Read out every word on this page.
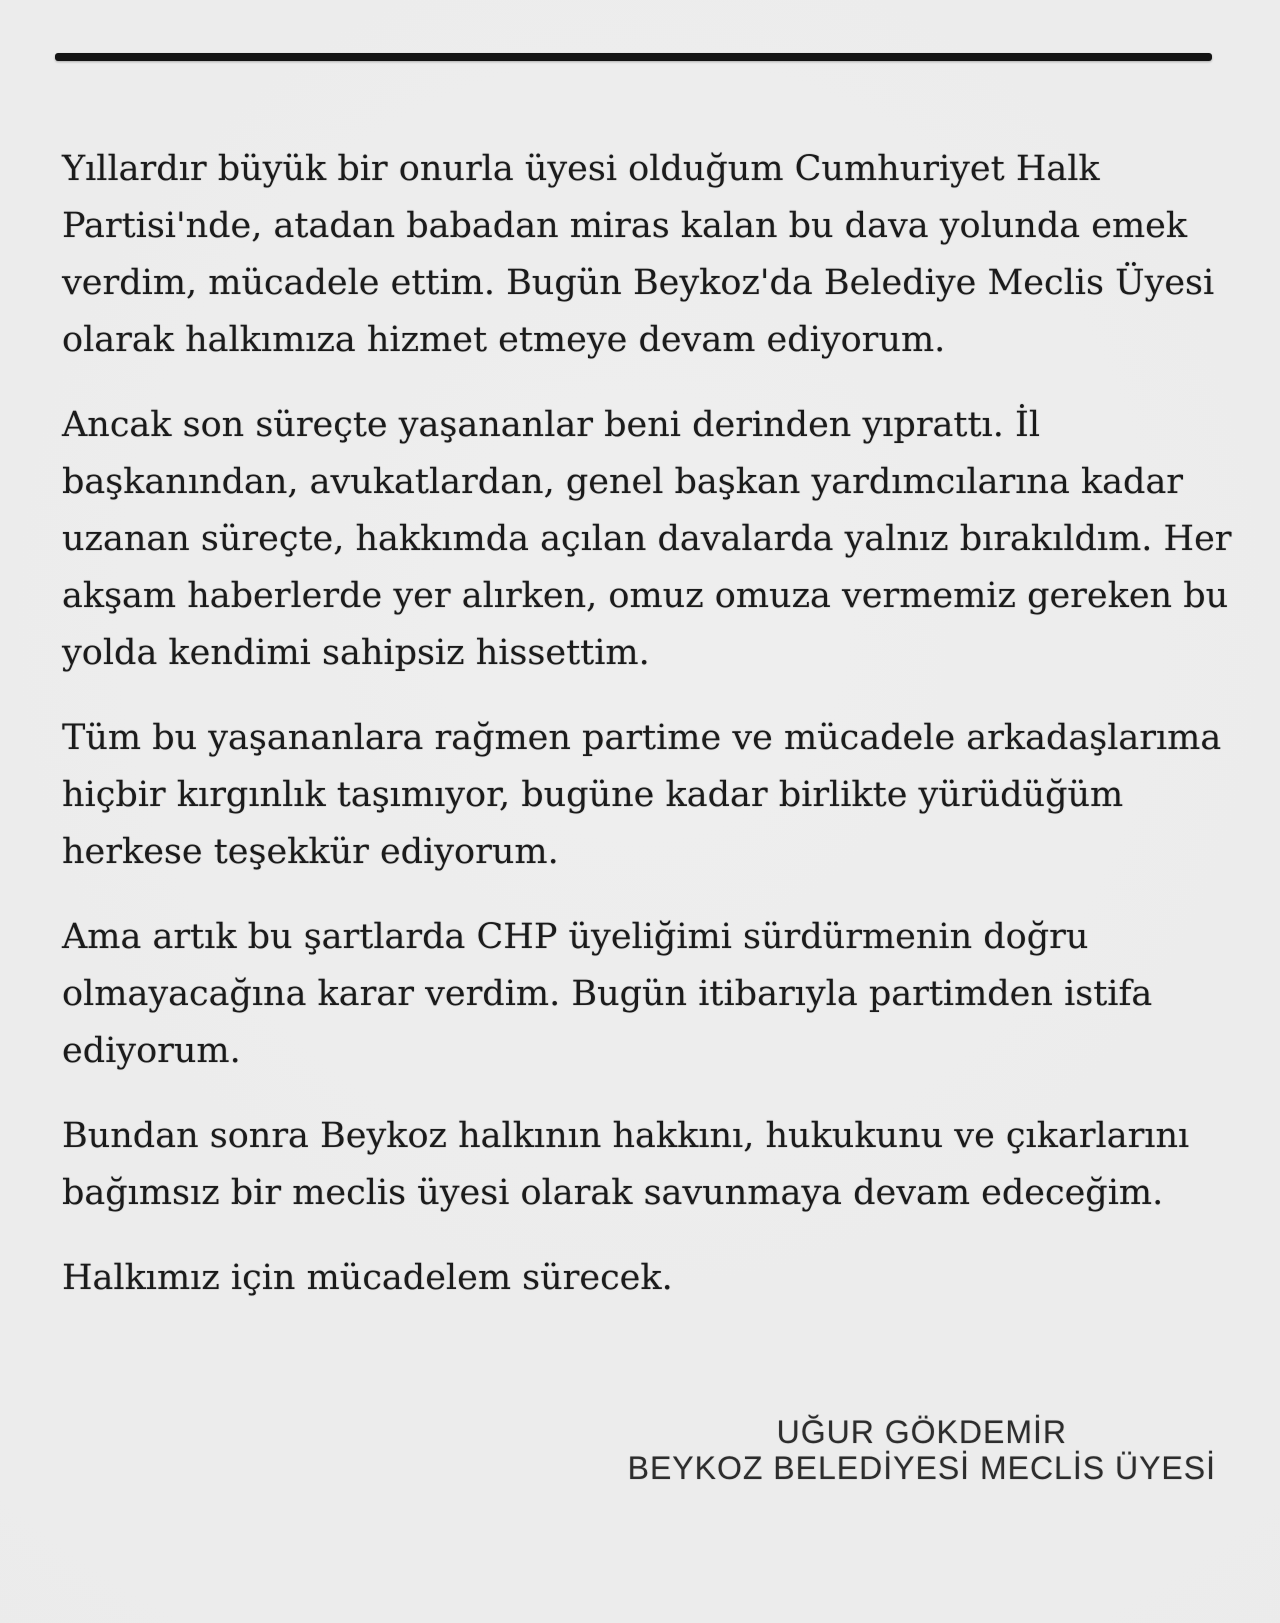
Yıllardır büyük bir onurla üyesi olduğum Cumhuriyet Halk
Partisi'nde, atadan babadan miras kalan bu dava yolunda emek
verdim, mücadele ettim. Bugün Beykoz'da Belediye Meclis Üyesi
olarak halkımıza hizmet etmeye devam ediyorum.

Ancak son süreçte yaşananlar beni derinden yıprattı. İl
başkanından, avukatlardan, genel başkan yardımcılarına kadar
uzanan süreçte, hakkımda açılan davalarda yalnız bırakıldım. Her
akşam haberlerde yer alırken, omuz omuza vermemiz gereken bu
yolda kendimi sahipsiz hissettim.

Tüm bu yaşananlara rağmen partime ve mücadele arkadaşlarıma
hiçbir kırgınlık taşımıyor, bugüne kadar birlikte yürüdüğüm
herkese teşekkür ediyorum.

Ama artık bu şartlarda CHP üyeliğimi sürdürmenin doğru
olmayacağına karar verdim. Bugün itibarıyla partimden istifa
ediyorum.

Bundan sonra Beykoz halkının hakkını, hukukunu ve çıkarlarını
bağımsız bir meclis üyesi olarak savunmaya devam edeceğim.

Halkımız için mücadelem sürecek.

UĞUR GÖKDEMİR
BEYKOZ BELEDİYESİ MECLİS ÜYESİ
